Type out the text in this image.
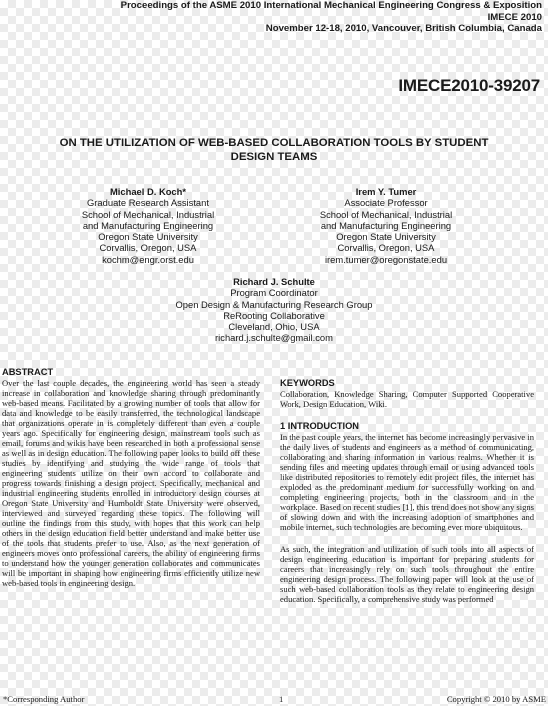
Proceedings of the ASME 2010 International Mechanical Engineering Congress & Exposition
IMECE 2010
November 12-18, 2010, Vancouver, British Columbia, Canada
IMECE2010-39207
ON THE UTILIZATION OF WEB-BASED COLLABORATION TOOLS BY STUDENT
DESIGN TEAMS
Michael D. Koch*
Graduate Research Assistant
School of Mechanical, Industrial
and Manufacturing Engineering
Oregon State University
Corvallis, Oregon, USA
kochm@engr.orst.edu
Irem Y. Tumer
Associate Professor
School of Mechanical, Industrial
and Manufacturing Engineering
Oregon State University
Corvallis, Oregon, USA
irem.tumer@oregonstate.edu
Richard J. Schulte
Program Coordinator
Open Design & Manufacturing Research Group
ReRooting Collaborative
Cleveland, Ohio, USA
richard.j.schulte@gmail.com
ABSTRACT

Over the last couple decades, the engineering world has seen a steady increase in collaboration and knowledge sharing through predominantly web-based means. Facilitated by a growing number of tools that allow for data and knowledge to be easily transferred, the technological landscape that organizations operate in is completely different than even a couple years ago. Specifically for engineering design, mainstream tools such as email, forums and wikis have been researched in both a professional sense as well as in design education. The following paper looks to build off these studies by identifying and studying the wide range of tools that engineering students utilize on their own accord to collaborate and progress towards finishing a design project. Specifically, mechanical and industrial engineering students enrolled in introductory design courses at Oregon State University and Humboldt State University were observed, interviewed and surveyed regarding these topics. The following will outline the findings from this study, with hopes that this work can help others in the design education field better understand and make better use of the tools that students prefer to use. Also, as the next generation of engineers moves onto professional careers, the ability of engineering firms to understand how the younger generation collaborates and communicates will be important in shaping how engineering firms efficiently utilize new web-based tools in engineering design.

KEYWORDS

Collaboration, Knowledge Sharing, Computer Supported Cooperative Work, Design Education, Wiki.

1 INTRODUCTION

In the past couple years, the internet has become increasingly pervasive in the daily lives of students and engineers as a method of communicating, collaborating and sharing information in various realms. Whether it is sending files and meeting updates through email or using advanced tools like distributed repositories to remotely edit project files, the internet has exploded as the predominant medium for successfully working on and completing engineering projects, both in the classroom and in the workplace. Based on recent studies [1], this trend does not show any signs of slowing down and with the increasing adoption of smartphones and mobile internet, such technologies are becoming ever more ubiquitous.

As such, the integration and utilization of such tools into all aspects of design engineering education is important for preparing students for careers that increasingly rely on such tools throughout the entire engineering design process. The following paper will look at the use of such web-based collaboration tools as they relate to engineering design education. Specifically, a comprehensive study was performed

*Corresponding Author	1	Copyright © 2010 by ASME
